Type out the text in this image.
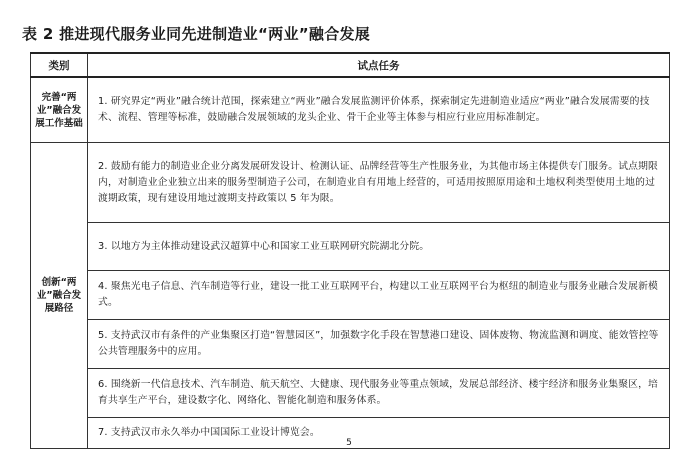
表 2 推进现代服务业同先进制造业“两业”融合发展
类别	试点任务
完善“两业”融合发展工作基础	1. 研究界定“两业”融合统计范围，探索建立“两业”融合发展监测评价体系，探索制定先进制造业适应“两业”融合发展需要的技术、流程、管理等标准，鼓励融合发展领域的龙头企业、骨干企业等主体参与相应行业应用标准制定。
创新“两业”融合发展路径	2. 鼓励有能力的制造业企业分离发展研发设计、检测认证、品牌经营等生产性服务业，为其他市场主体提供专门服务。试点期限内，对制造业企业独立出来的服务型制造子公司，在制造业自有用地上经营的，可适用按照原用途和土地权利类型使用土地的过渡期政策，现有建设用地过渡期支持政策以 5 年为限。
	3. 以地方为主体推动建设武汉超算中心和国家工业互联网研究院湖北分院。
	4. 聚焦光电子信息、汽车制造等行业，建设一批工业互联网平台，构建以工业互联网平台为枢纽的制造业与服务业融合发展新模式。
	5. 支持武汉市有条件的产业集聚区打造“智慧园区”，加强数字化手段在智慧港口建设、固体废物、物流监测和调度、能效管控等公共管理服务中的应用。
	6. 围绕新一代信息技术、汽车制造、航天航空、大健康、现代服务业等重点领域，发展总部经济、楼宇经济和服务业集聚区，培育共享生产平台，建设数字化、网络化、智能化制造和服务体系。
	7. 支持武汉市永久举办中国国际工业设计博览会。
5
